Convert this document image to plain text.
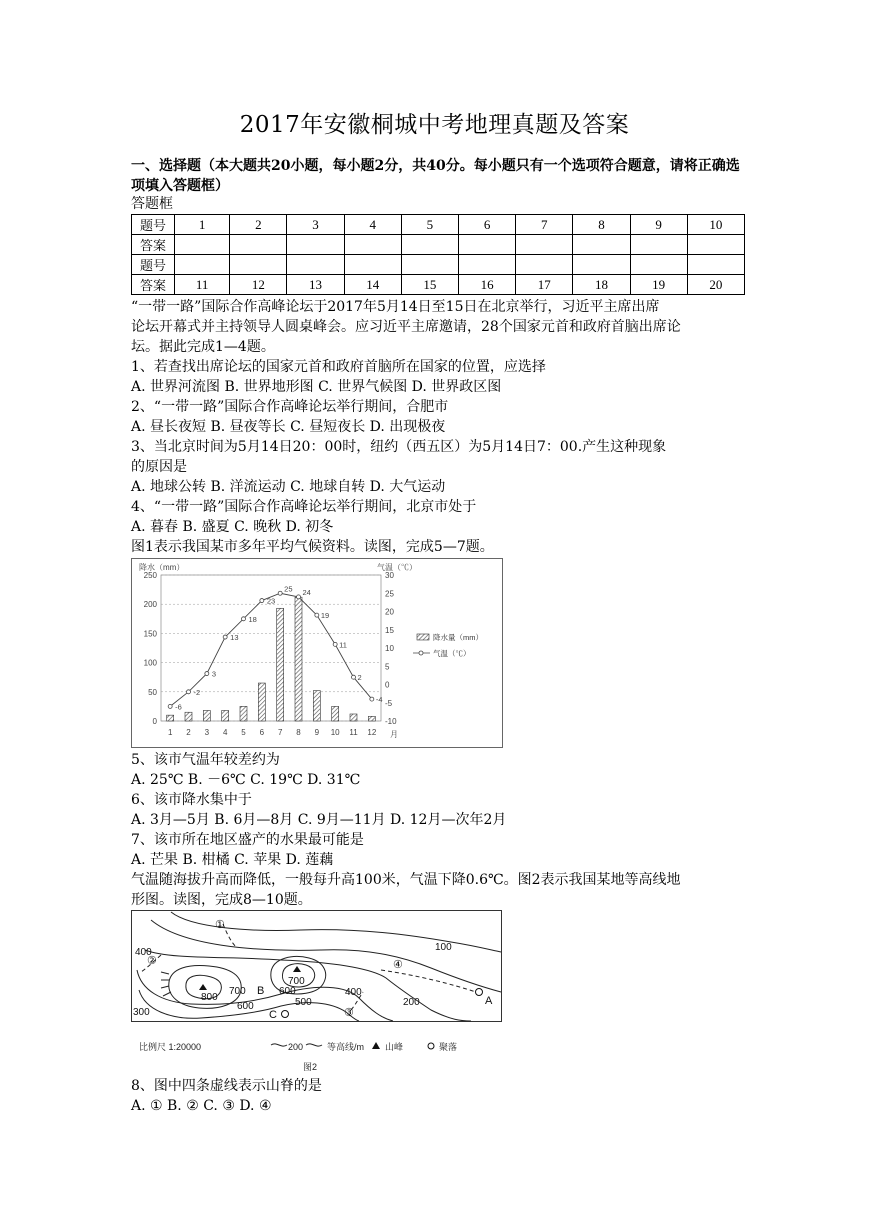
2017年安徽桐城中考地理真题及答案
一、选择题（本大题共20小题，每小题2分，共40分。每小题只有一个选项符合题意，请将正确选项填入答题框）
答题框
题号	1	2	3	4	5	6	7	8	9	10
答案										
题号										
答案	11	12	13	14	15	16	17	18	19	20
“一带一路”国际合作高峰论坛于2017年5月14日至15日在北京举行，习近平主席出席
论坛开幕式并主持领导人圆桌峰会。应习近平主席邀请，28个国家元首和政府首脑出席论
坛。据此完成1—4题。
1、若查找出席论坛的国家元首和政府首脑所在国家的位置，应选择
A. 世界河流图 B. 世界地形图 C. 世界气候图 D. 世界政区图
2、“一带一路”国际合作高峰论坛举行期间，合肥市
A. 昼长夜短 B. 昼夜等长 C. 昼短夜长 D. 出现极夜
3、当北京时间为5月14日20：00时，纽约（西五区）为5月14日7：00.产生这种现象
的原因是
A. 地球公转 B. 洋流运动 C. 地球自转 D. 大气运动
4、“一带一路”国际合作高峰论坛举行期间，北京市处于
A. 暮春 B. 盛夏 C. 晚秋 D. 初冬
图1表示我国某市多年平均气候资料。读图，完成5—7题。
降水（mm）	气温（℃）
-6
-2
3
13
18
23
25 24
19
11
2
-4
0
50
100
150
200
250
-10
-5
0
5
10
15
20
25
30
1 2 3 4 5 6 7 8 9 10 11 12 月
降水量（mm）
气温（℃）
5、该市气温年较差约为
A. 25℃ B. －6℃ C. 19℃ D. 31℃
6、该市降水集中于
A. 3月—5月 B. 6月—8月 C. 9月—11月 D. 12月—次年2月
7、该市所在地区盛产的水果最可能是
A. 芒果 B. 柑橘 C. 苹果 D. 莲藕
气温随海拔升高而降低，一般每升高100米，气温下降0.6℃。图2表示我国某地等高线地
形图。读图，完成8—10题。
100
200
300
400
400
500
600
600
700
700
800
B
C
A
①
②
③
④
比例尺 1:20000	200	等高线/m 山峰	聚落
图2
8、图中四条虚线表示山脊的是
A. ① B. ② C. ③ D. ④
